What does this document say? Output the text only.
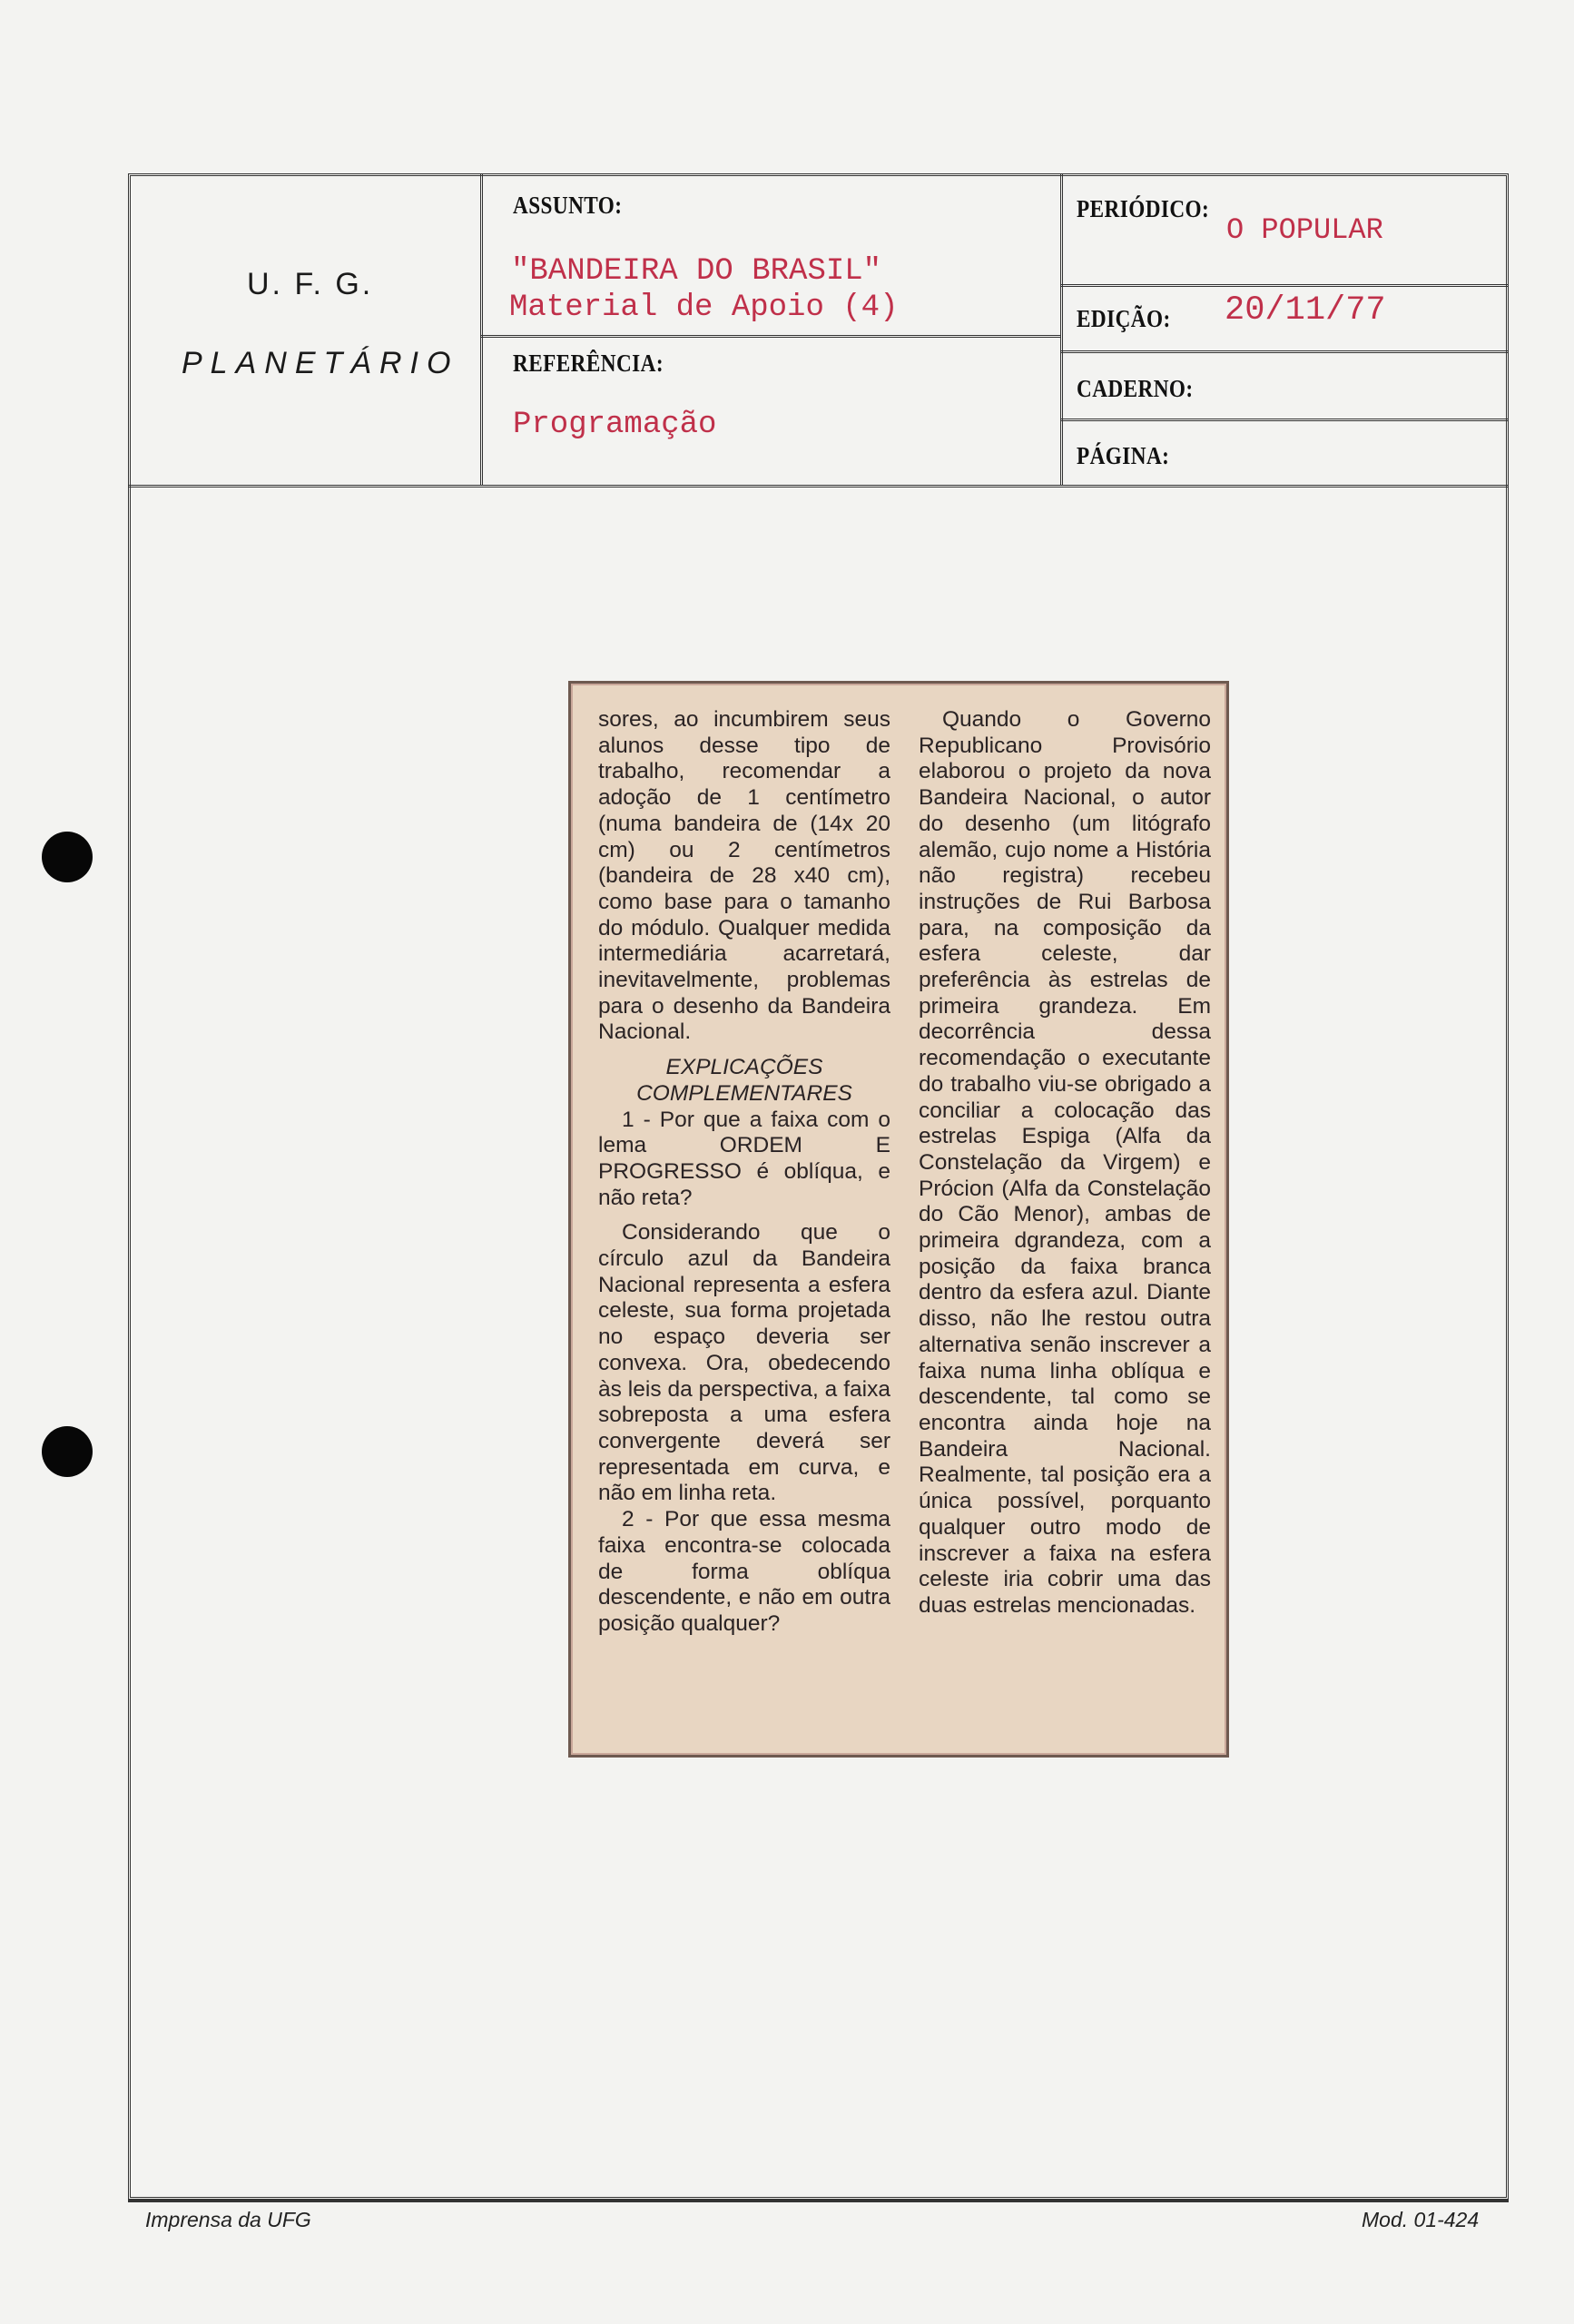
U. F. G.
PLANETÁRIO
ASSUNTO:
"BANDEIRA DO BRASIL"
Material de Apoio (4)
REFERÊNCIA:
Programação
PERIÓDICO:
O POPULAR
EDIÇÃO: 20/11/77
CADERNO:
PÁGINA:

sores, ao incumbirem seus alunos desse tipo de trabalho, recomendar a adoção de 1 centímetro (numa bandeira de (14x 20 cm) ou 2 centímetros (bandeira de 28 x40 cm), como base para o tamanho do módulo. Qualquer medida intermediária acarretará, inevitavelmente, problemas para o desenho da Bandeira Nacional.

EXPLICAÇÕES COMPLEMENTARES

1 - Por que a faixa com o lema ORDEM E PROGRESSO é oblíqua, e não reta?

Considerando que o círculo azul da Bandeira Nacional representa a esfera celeste, sua forma projetada no espaço deveria ser convexa. Ora, obedecendo às leis da perspectiva, a faixa sobreposta a uma esfera convergente deverá ser representada em curva, e não em linha reta.

2 - Por que essa mesma faixa encontra-se colocada de forma oblíqua descendente, e não em outra posição qualquer?

Quando o Governo Republicano Provisório elaborou o projeto da nova Bandeira Nacional, o autor do desenho (um litógrafo alemão, cujo nome a História não registra) recebeu instruções de Rui Barbosa para, na composição da esfera celeste, dar preferência às estrelas de primeira grandeza. Em decorrência dessa recomendação o executante do trabalho viu-se obrigado a conciliar a colocação das estrelas Espiga (Alfa da Constelação da Virgem) e Prócion (Alfa da Constelação do Cão Menor), ambas de primeira dgrandeza, com a posição da faixa branca dentro da esfera azul. Diante disso, não lhe restou outra alternativa senão inscrever a faixa numa linha oblíqua e descendente, tal como se encontra ainda hoje na Bandeira Nacional. Realmente, tal posição era a única possível, porquanto qualquer outro modo de inscrever a faixa na esfera celeste iria cobrir uma das duas estrelas mencionadas.

Imprensa da UFG	Mod. 01-424
